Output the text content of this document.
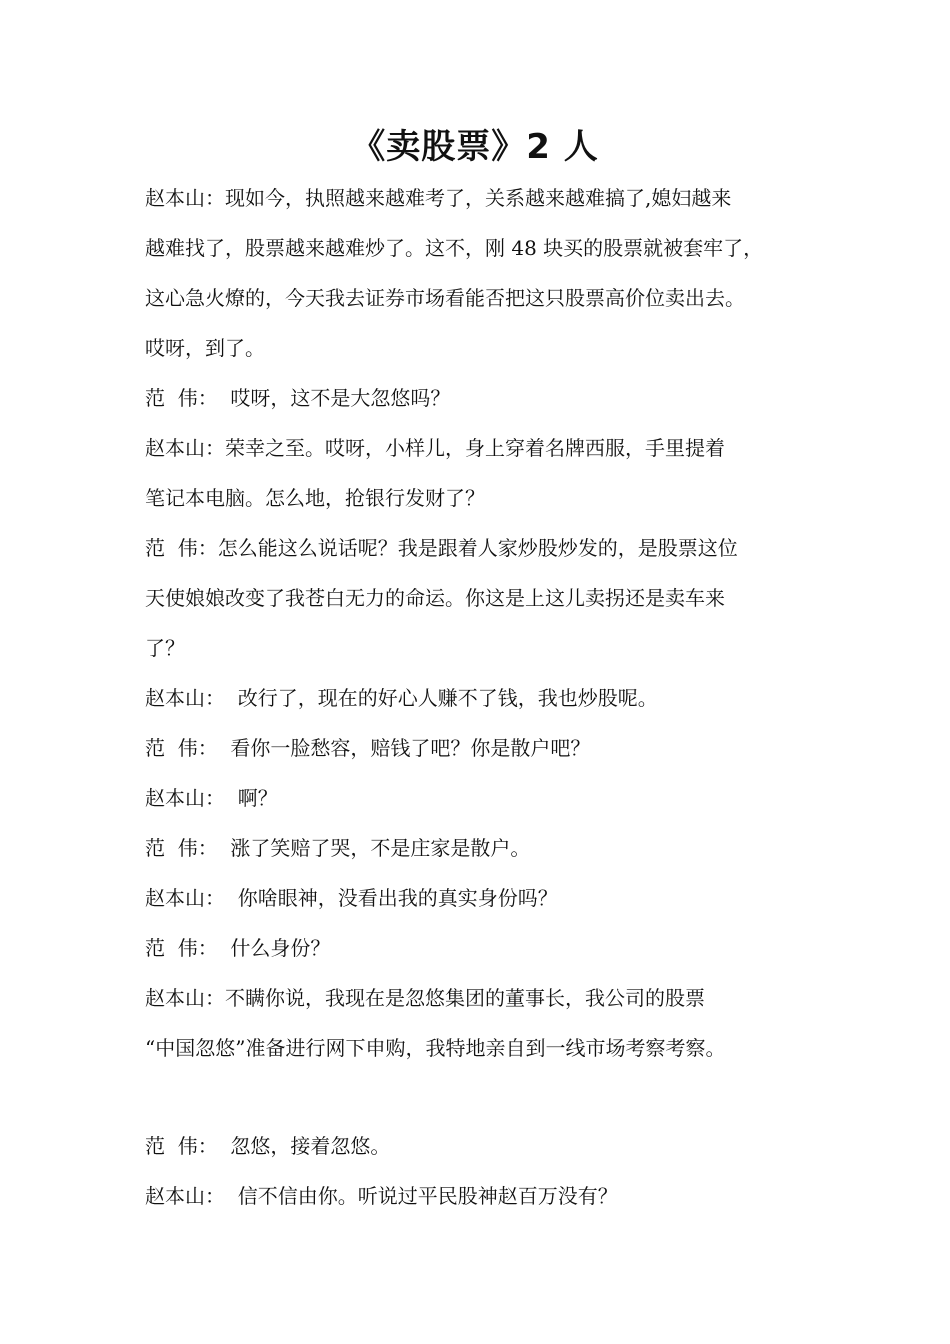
《卖股票》2 人
赵本山：现如今，执照越来越难考了，关系越来越难搞了,媳妇越来
越难找了，股票越来越难炒了。这不，刚 48 块买的股票就被套牢了，
这心急火燎的，今天我去证券市场看能否把这只股票高价位卖出去。
哎呀，到了。
范  伟：  哎呀，这不是大忽悠吗？
赵本山：荣幸之至。哎呀，小样儿，身上穿着名牌西服，手里提着
笔记本电脑。怎么地，抢银行发财了？
范  伟：怎么能这么说话呢？我是跟着人家炒股炒发的，是股票这位
天使娘娘改变了我苍白无力的命运。你这是上这儿卖拐还是卖车来
了？
赵本山：  改行了，现在的好心人赚不了钱，我也炒股呢。
范  伟：  看你一脸愁容，赔钱了吧？你是散户吧？
赵本山：  啊？
范  伟：  涨了笑赔了哭，不是庄家是散户。
赵本山：  你啥眼神，没看出我的真实身份吗？
范  伟：  什么身份？
赵本山：不瞒你说，我现在是忽悠集团的董事长，我公司的股票
“中国忽悠”准备进行网下申购，我特地亲自到一线市场考察考察。
范  伟：  忽悠，接着忽悠。
赵本山：  信不信由你。听说过平民股神赵百万没有？
